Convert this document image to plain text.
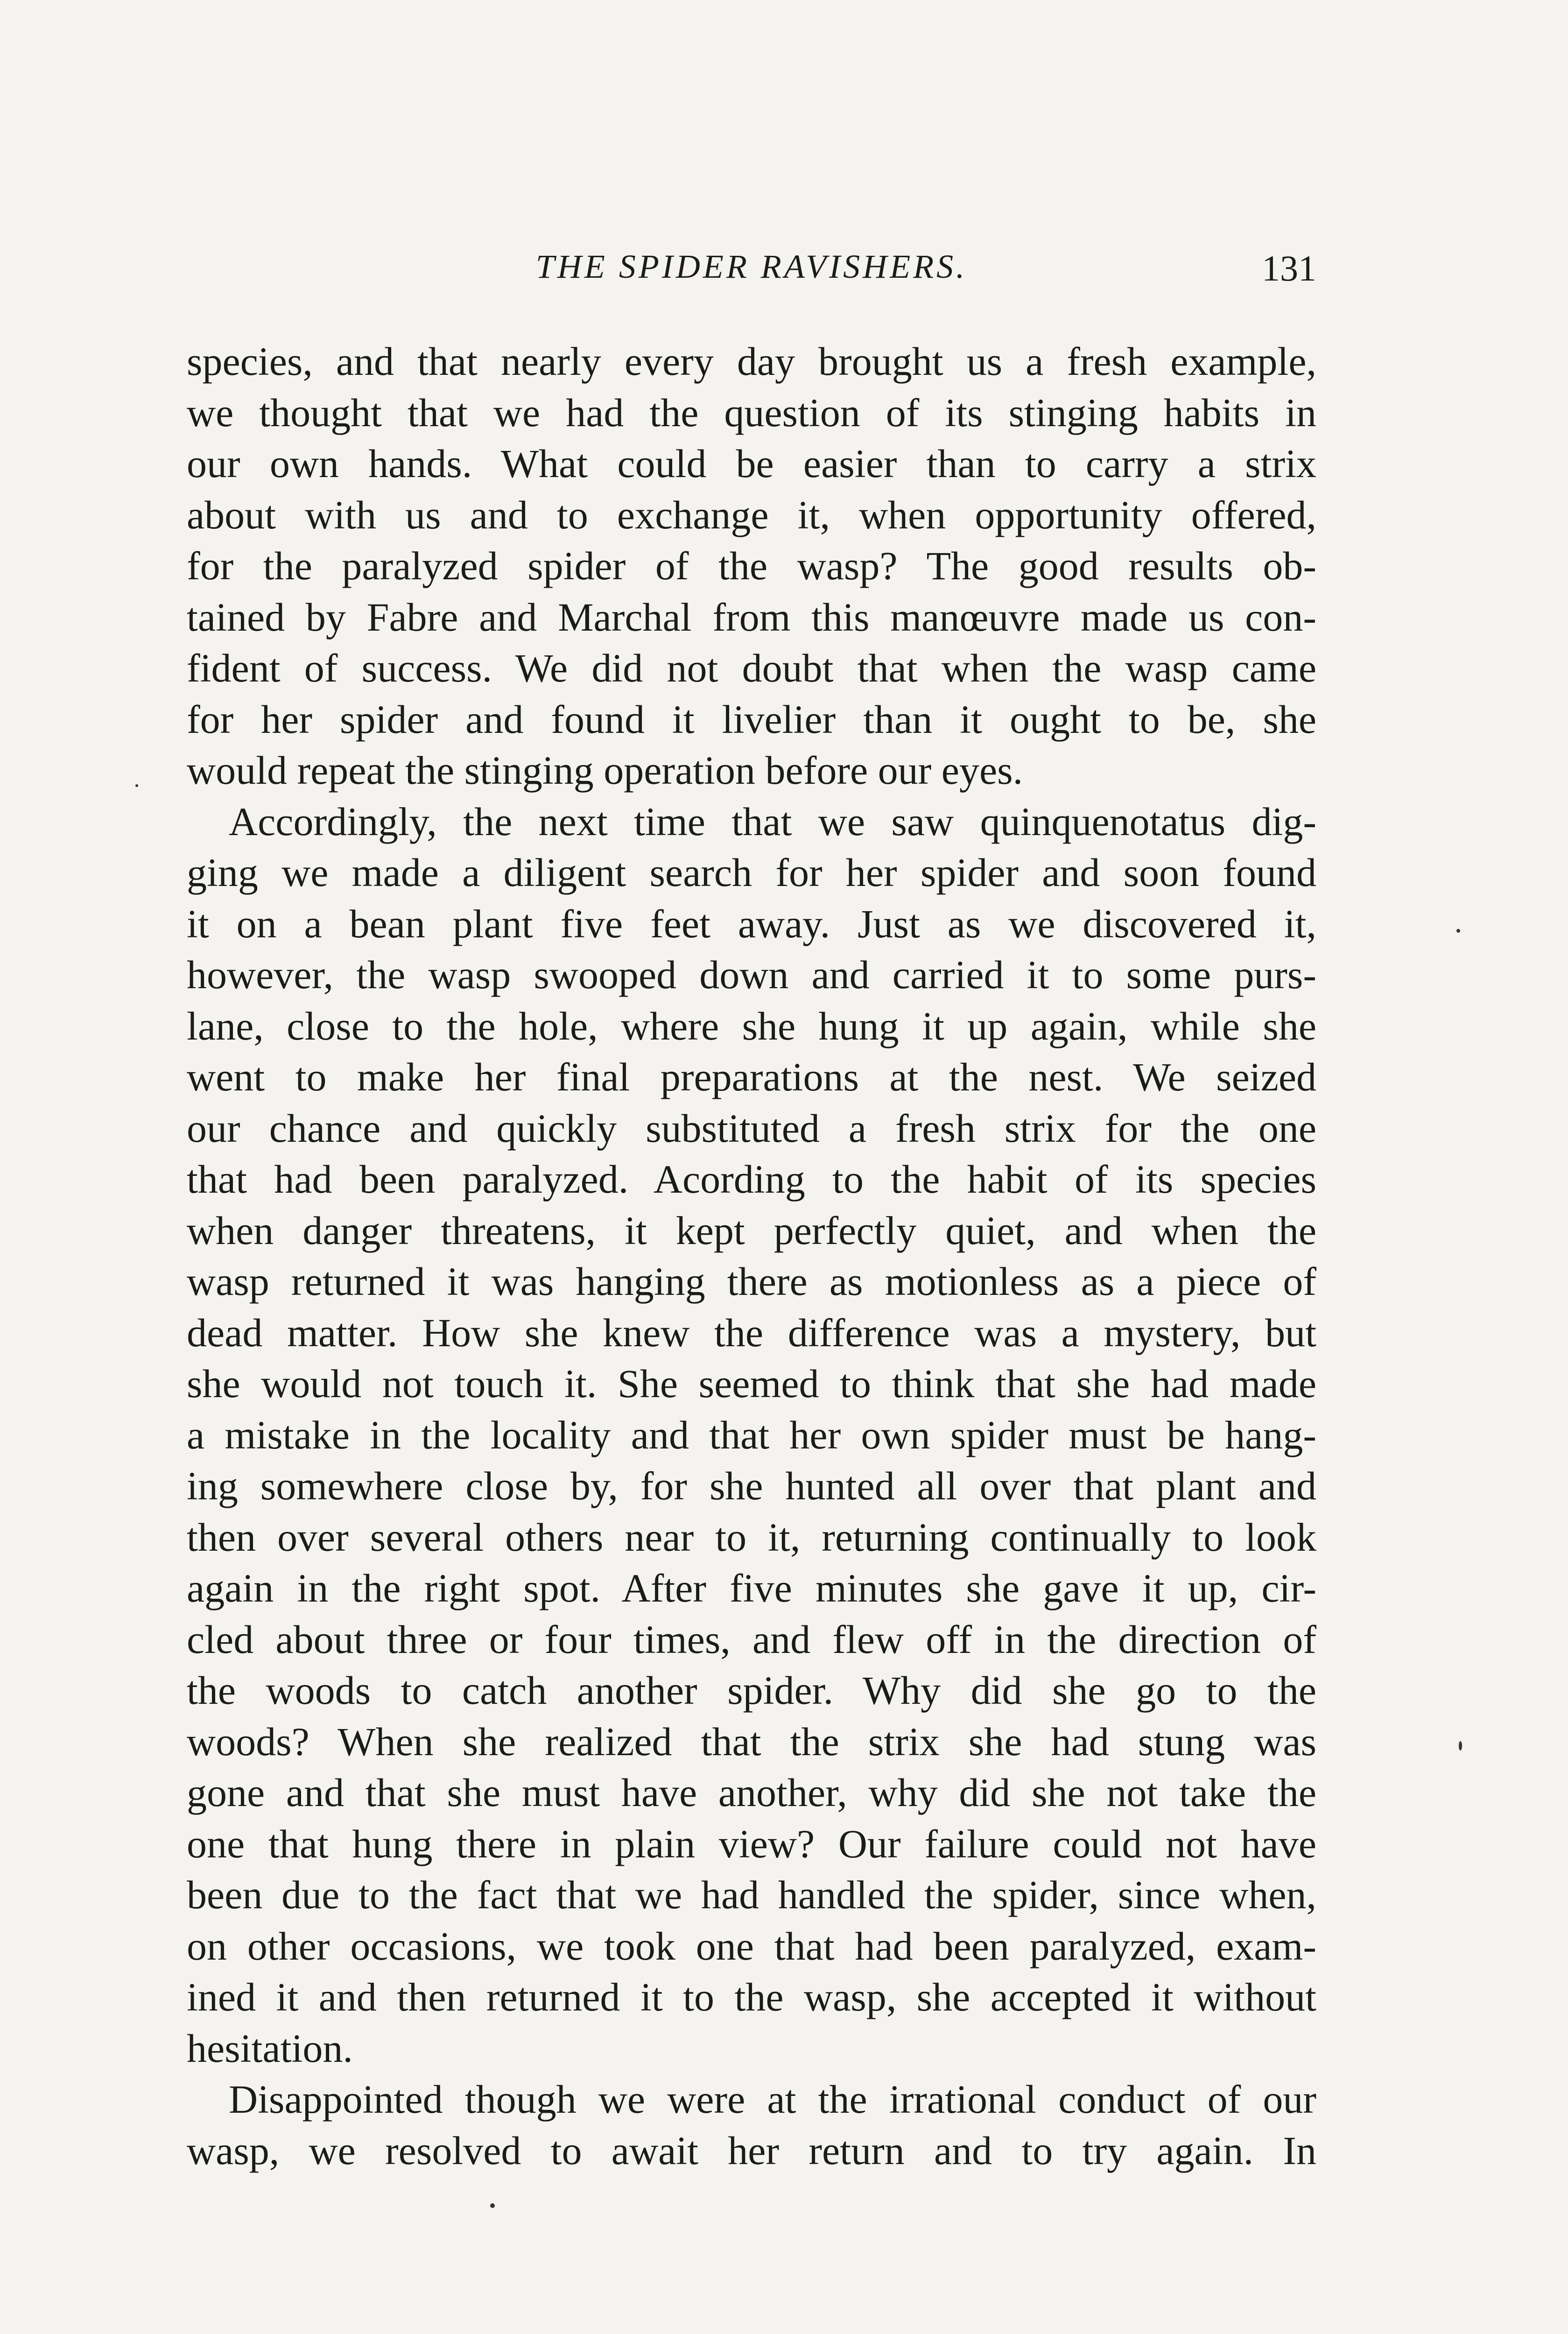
THE SPIDER RAVISHERS.	131
species, and that nearly every day brought us a fresh example,
we thought that we had the question of its stinging habits in
our own hands. What could be easier than to carry a strix
about with us and to exchange it, when opportunity offered,
for the paralyzed spider of the wasp? The good results ob-
tained by Fabre and Marchal from this manœuvre made us con-
fident of success. We did not doubt that when the wasp came
for her spider and found it livelier than it ought to be, she
would repeat the stinging operation before our eyes.
Accordingly, the next time that we saw quinquenotatus dig-
ging we made a diligent search for her spider and soon found
it on a bean plant five feet away. Just as we discovered it,
however, the wasp swooped down and carried it to some purs-
lane, close to the hole, where she hung it up again, while she
went to make her final preparations at the nest. We seized
our chance and quickly substituted a fresh strix for the one
that had been paralyzed. Acording to the habit of its species
when danger threatens, it kept perfectly quiet, and when the
wasp returned it was hanging there as motionless as a piece of
dead matter. How she knew the difference was a mystery, but
she would not touch it. She seemed to think that she had made
a mistake in the locality and that her own spider must be hang-
ing somewhere close by, for she hunted all over that plant and
then over several others near to it, returning continually to look
again in the right spot. After five minutes she gave it up, cir-
cled about three or four times, and flew off in the direction of
the woods to catch another spider. Why did she go to the
woods? When she realized that the strix she had stung was
gone and that she must have another, why did she not take the
one that hung there in plain view? Our failure could not have
been due to the fact that we had handled the spider, since when,
on other occasions, we took one that had been paralyzed, exam-
ined it and then returned it to the wasp, she accepted it without
hesitation.
Disappointed though we were at the irrational conduct of our
wasp, we resolved to await her return and to try again. In
